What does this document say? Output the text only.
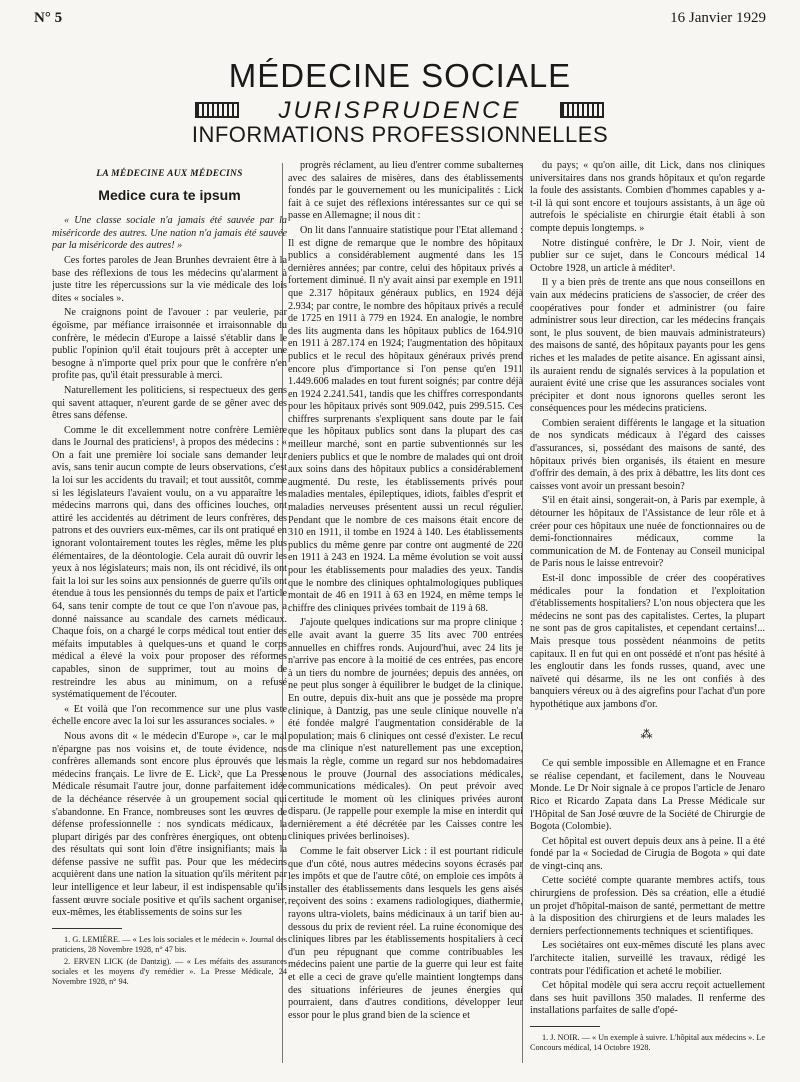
N° 5	16 Janvier 1929
MÉDECINE SOCIALE
JURISPRUDENCE
INFORMATIONS PROFESSIONNELLES
LA MÉDECINE AUX MÉDECINS
Medice cura te ipsum

« Une classe sociale n'a jamais été sauvée par la miséricorde des autres. Une nation n'a jamais été sauvée par la miséricorde des autres! »

Ces fortes paroles de Jean Brunhes devraient être à la base des réflexions de tous les médecins qu'alarment à juste titre les répercussions sur la vie médicale des lois dites « sociales ».

Ne craignons point de l'avouer : par veulerie, par égoïsme, par méfiance irraisonnée et irraisonnable du confrère, le médecin d'Europe a laissé s'établir dans le public l'opinion qu'il était toujours prêt à accepter une besogne à n'importe quel prix pour que le confrère n'en profite pas, qu'il était pressurable à merci.

Naturellement les politiciens, si respectueux des gens qui savent attaquer, n'eurent garde de se gêner avec des êtres sans défense.

Comme le dit excellemment notre confrère Lemière dans le Journal des praticiens¹, à propos des médecins : « On a fait une première loi sociale sans demander leur avis, sans tenir aucun compte de leurs observations, c'est la loi sur les accidents du travail; et tout aussitôt, comme si les législateurs l'avaient voulu, on a vu apparaître les médecins marrons qui, dans des officines louches, ont attiré les accidentés au détriment de leurs confrères, des patrons et des ouvriers eux-mêmes, car ils ont pratiqué en ignorant volontairement toutes les règles, même les plus élémentaires, de la déontologie. Cela aurait dû ouvrir les yeux à nos législateurs; mais non, ils ont récidivé, ils ont fait la loi sur les soins aux pensionnés de guerre qu'ils ont étendue à tous les pensionnés du temps de paix et l'article 64, sans tenir compte de tout ce que l'on n'avoue pas, a donné naissance au scandale des carnets médicaux. Chaque fois, on a chargé le corps médical tout entier des méfaits imputables à quelques-uns et quand le corps médical a élevé la voix pour proposer des réformes capables, sinon de supprimer, tout au moins de restreindre les abus au minimum, on a refusé systématiquement de l'écouter.

« Et voilà que l'on recommence sur une plus vaste échelle encore avec la loi sur les assurances sociales. »

Nous avons dit « le médecin d'Europe », car le mal n'épargne pas nos voisins et, de toute évidence, nos confrères allemands sont encore plus éprouvés que les médecins français. Le livre de E. Lick², que La Presse Médicale résumait l'autre jour, donne parfaitement idée de la déchéance réservée à un groupement social qui s'abandonne. En France, nombreuses sont les œuvres de défense professionnelle : nos syndicats médicaux, la plupart dirigés par des confrères énergiques, ont obtenu des résultats qui sont loin d'être insignifiants; mais la défense passive ne suffit pas. Pour que les médecins acquièrent dans une nation la situation qu'ils méritent par leur intelligence et leur labeur, il est indispensable qu'ils fassent œuvre sociale positive et qu'ils sachent organiser, eux-mêmes, les établissements de soins sur les

1. G. LEMIÈRE. — « Les lois sociales et le médecin ». Journal des praticiens, 28 Novembre 1928, n° 47 bis.

2. ERVEN LICK (de Dantzig). — « Les méfaits des assurances sociales et les moyens d'y remédier ». La Presse Médicale, 24 Novembre 1928, n° 94.

progrès réclament, au lieu d'entrer comme subalternes avec des salaires de misères, dans des établissements fondés par le gouvernement ou les municipalités : Lick fait à ce sujet des réflexions intéressantes sur ce qui se passe en Allemagne; il nous dit :

On lit dans l'annuaire statistique pour l'Etat allemand : Il est digne de remarque que le nombre des hôpitaux publics a considérablement augmenté dans les 15 dernières années; par contre, celui des hôpitaux privés a fortement diminué. Il n'y avait ainsi par exemple en 1911 que 2.317 hôpitaux généraux publics, en 1924 déjà 2.934; par contre, le nombre des hôpitaux privés a reculé de 1725 en 1911 à 779 en 1924. En analogie, le nombre des lits augmenta dans les hôpitaux publics de 164.910 en 1911 à 287.174 en 1924; l'augmentation des hôpitaux publics et le recul des hôpitaux généraux privés prend encore plus d'importance si l'on pense qu'en 1911 1.449.606 malades en tout furent soignés; par contre déjà en 1924 2.241.541, tandis que les chiffres correspondants pour les hôpitaux privés sont 909.042, puis 299.515. Ces chiffres surprenants s'expliquent sans doute par le fait que les hôpitaux publics sont dans la plupart des cas meilleur marché, sont en partie subventionnés sur les deniers publics et que le nombre de malades qui ont droit aux soins dans des hôpitaux publics a considérablement augmenté. Du reste, les établissements privés pour maladies mentales, épileptiques, idiots, faibles d'esprit et maladies nerveuses présentent aussi un recul régulier. Pendant que le nombre de ces maisons était encore de 310 en 1911, il tombe en 1924 à 140. Les établissements publics du même genre par contre ont augmenté de 220 en 1911 à 243 en 1924. La même évolution se voit aussi pour les établissements pour maladies des yeux. Tandis que le nombre des cliniques ophtalmologiques publiques montait de 46 en 1911 à 63 en 1924, en même temps le chiffre des cliniques privées tombait de 119 à 68.

J'ajoute quelques indications sur ma propre clinique : elle avait avant la guerre 35 lits avec 700 entrées annuelles en chiffres ronds. Aujourd'hui, avec 24 lits je n'arrive pas encore à la moitié de ces entrées, pas encore à un tiers du nombre de journées; depuis des années, on ne peut plus songer à équilibrer le budget de la clinique. En outre, depuis dix-huit ans que je possède ma propre clinique, à Dantzig, pas une seule clinique nouvelle n'a été fondée malgré l'augmentation considérable de la population; mais 6 cliniques ont cessé d'exister. Le recul de ma clinique n'est naturellement pas une exception, mais la règle, comme un regard sur nos hebdomadaires nous le prouve (Journal des associations médicales, communications médicales). On peut prévoir avec certitude le moment où les cliniques privées auront disparu. (Je rappelle pour exemple la mise en interdit qui dernièrement a été décrétée par les Caisses contre les cliniques privées berlinoises).

Comme le fait observer Lick : il est pourtant ridicule que d'un côté, nous autres médecins soyons écrasés par les impôts et que de l'autre côté, on emploie ces impôts à installer des établissements dans lesquels les gens aisés reçoivent des soins : examens radiologiques, diathermie, rayons ultra-violets, bains médicinaux à un tarif bien au-dessous du prix de revient réel. La ruine économique des cliniques libres par les établissements hospitaliers à ceci d'un peu répugnant que comme contribuables les médecins paient une partie de la guerre qui leur est faite et elle a ceci de grave qu'elle maintient longtemps dans des situations inférieures de jeunes énergies qui pourraient, dans d'autres conditions, développer leur essor pour le plus grand bien de la science et

du pays; « qu'on aille, dit Lick, dans nos cliniques universitaires dans nos grands hôpitaux et qu'on regarde la foule des assistants. Combien d'hommes capables y a-t-il là qui sont encore et toujours assistants, à un âge où autrefois le spécialiste en chirurgie était établi à son compte depuis longtemps. »

Notre distingué confrère, le Dr J. Noir, vient de publier sur ce sujet, dans le Concours médical 14 Octobre 1928, un article à méditer¹.

Il y a bien près de trente ans que nous conseillons en vain aux médecins praticiens de s'associer, de créer des coopératives pour fonder et administrer (ou faire administrer sous leur direction, car les médecins français sont, le plus souvent, de bien mauvais administrateurs) des maisons de santé, des hôpitaux payants pour les gens riches et les malades de petite aisance. En agissant ainsi, ils auraient rendu de signalés services à la population et auraient évité une crise que les assurances sociales vont précipiter et dont nous ignorons quelles seront les conséquences pour les médecins praticiens.

Combien seraient différents le langage et la situation de nos syndicats médicaux à l'égard des caisses d'assurances, si, possédant des maisons de santé, des hôpitaux privés bien organisés, ils étaient en mesure d'offrir des demain, à des prix à débattre, les lits dont ces caisses vont avoir un pressant besoin?

S'il en était ainsi, songerait-on, à Paris par exemple, à détourner les hôpitaux de l'Assistance de leur rôle et à créer pour ces hôpitaux une nuée de fonctionnaires ou de demi-fonctionnaires médicaux, comme la communication de M. de Fontenay au Conseil municipal de Paris nous le laisse entrevoir?

Est-il donc impossible de créer des coopératives médicales pour la fondation et l'exploitation d'établissements hospitaliers? L'on nous objectera que les médecins ne sont pas des capitalistes. Certes, la plupart ne sont pas de gros capitalistes, et cependant certains!... Mais presque tous possèdent néanmoins de petits capitaux. Il en fut qui en ont possédé et n'ont pas hésité à les engloutir dans les fonds russes, quand, avec une naïveté qui désarme, ils ne les ont confiés à des banquiers véreux ou à des aigrefins pour l'achat d'un pore hypothétique aux jambons d'or.

⁂

Ce qui semble impossible en Allemagne et en France se réalise cependant, et facilement, dans le Nouveau Monde. Le Dr Noir signale à ce propos l'article de Jenaro Rico et Ricardo Zapata dans La Presse Médicale sur l'Hôpital de San José œuvre de la Société de Chirurgie de Bogota (Colombie).

Cet hôpital est ouvert depuis deux ans à peine. Il a été fondé par la « Sociedad de Cirugia de Bogota » qui date de vingt-cinq ans.

Cette société compte quarante membres actifs, tous chirurgiens de profession. Dès sa création, elle a étudié un projet d'hôpital-maison de santé, permettant de mettre à la disposition des chirurgiens et de leurs malades les derniers perfectionnements techniques et scientifiques.

Les sociétaires ont eux-mêmes discuté les plans avec l'architecte italien, surveillé les travaux, rédigé les contrats pour l'édification et acheté le mobilier.

Cet hôpital modèle qui sera accru reçoit actuellement dans ses huit pavillons 350 malades. Il renferme des installations parfaites de salle d'opé-

1. J. NOIR. — « Un exemple à suivre. L'hôpital aux médecins ». Le Concours médical, 14 Octobre 1928.
